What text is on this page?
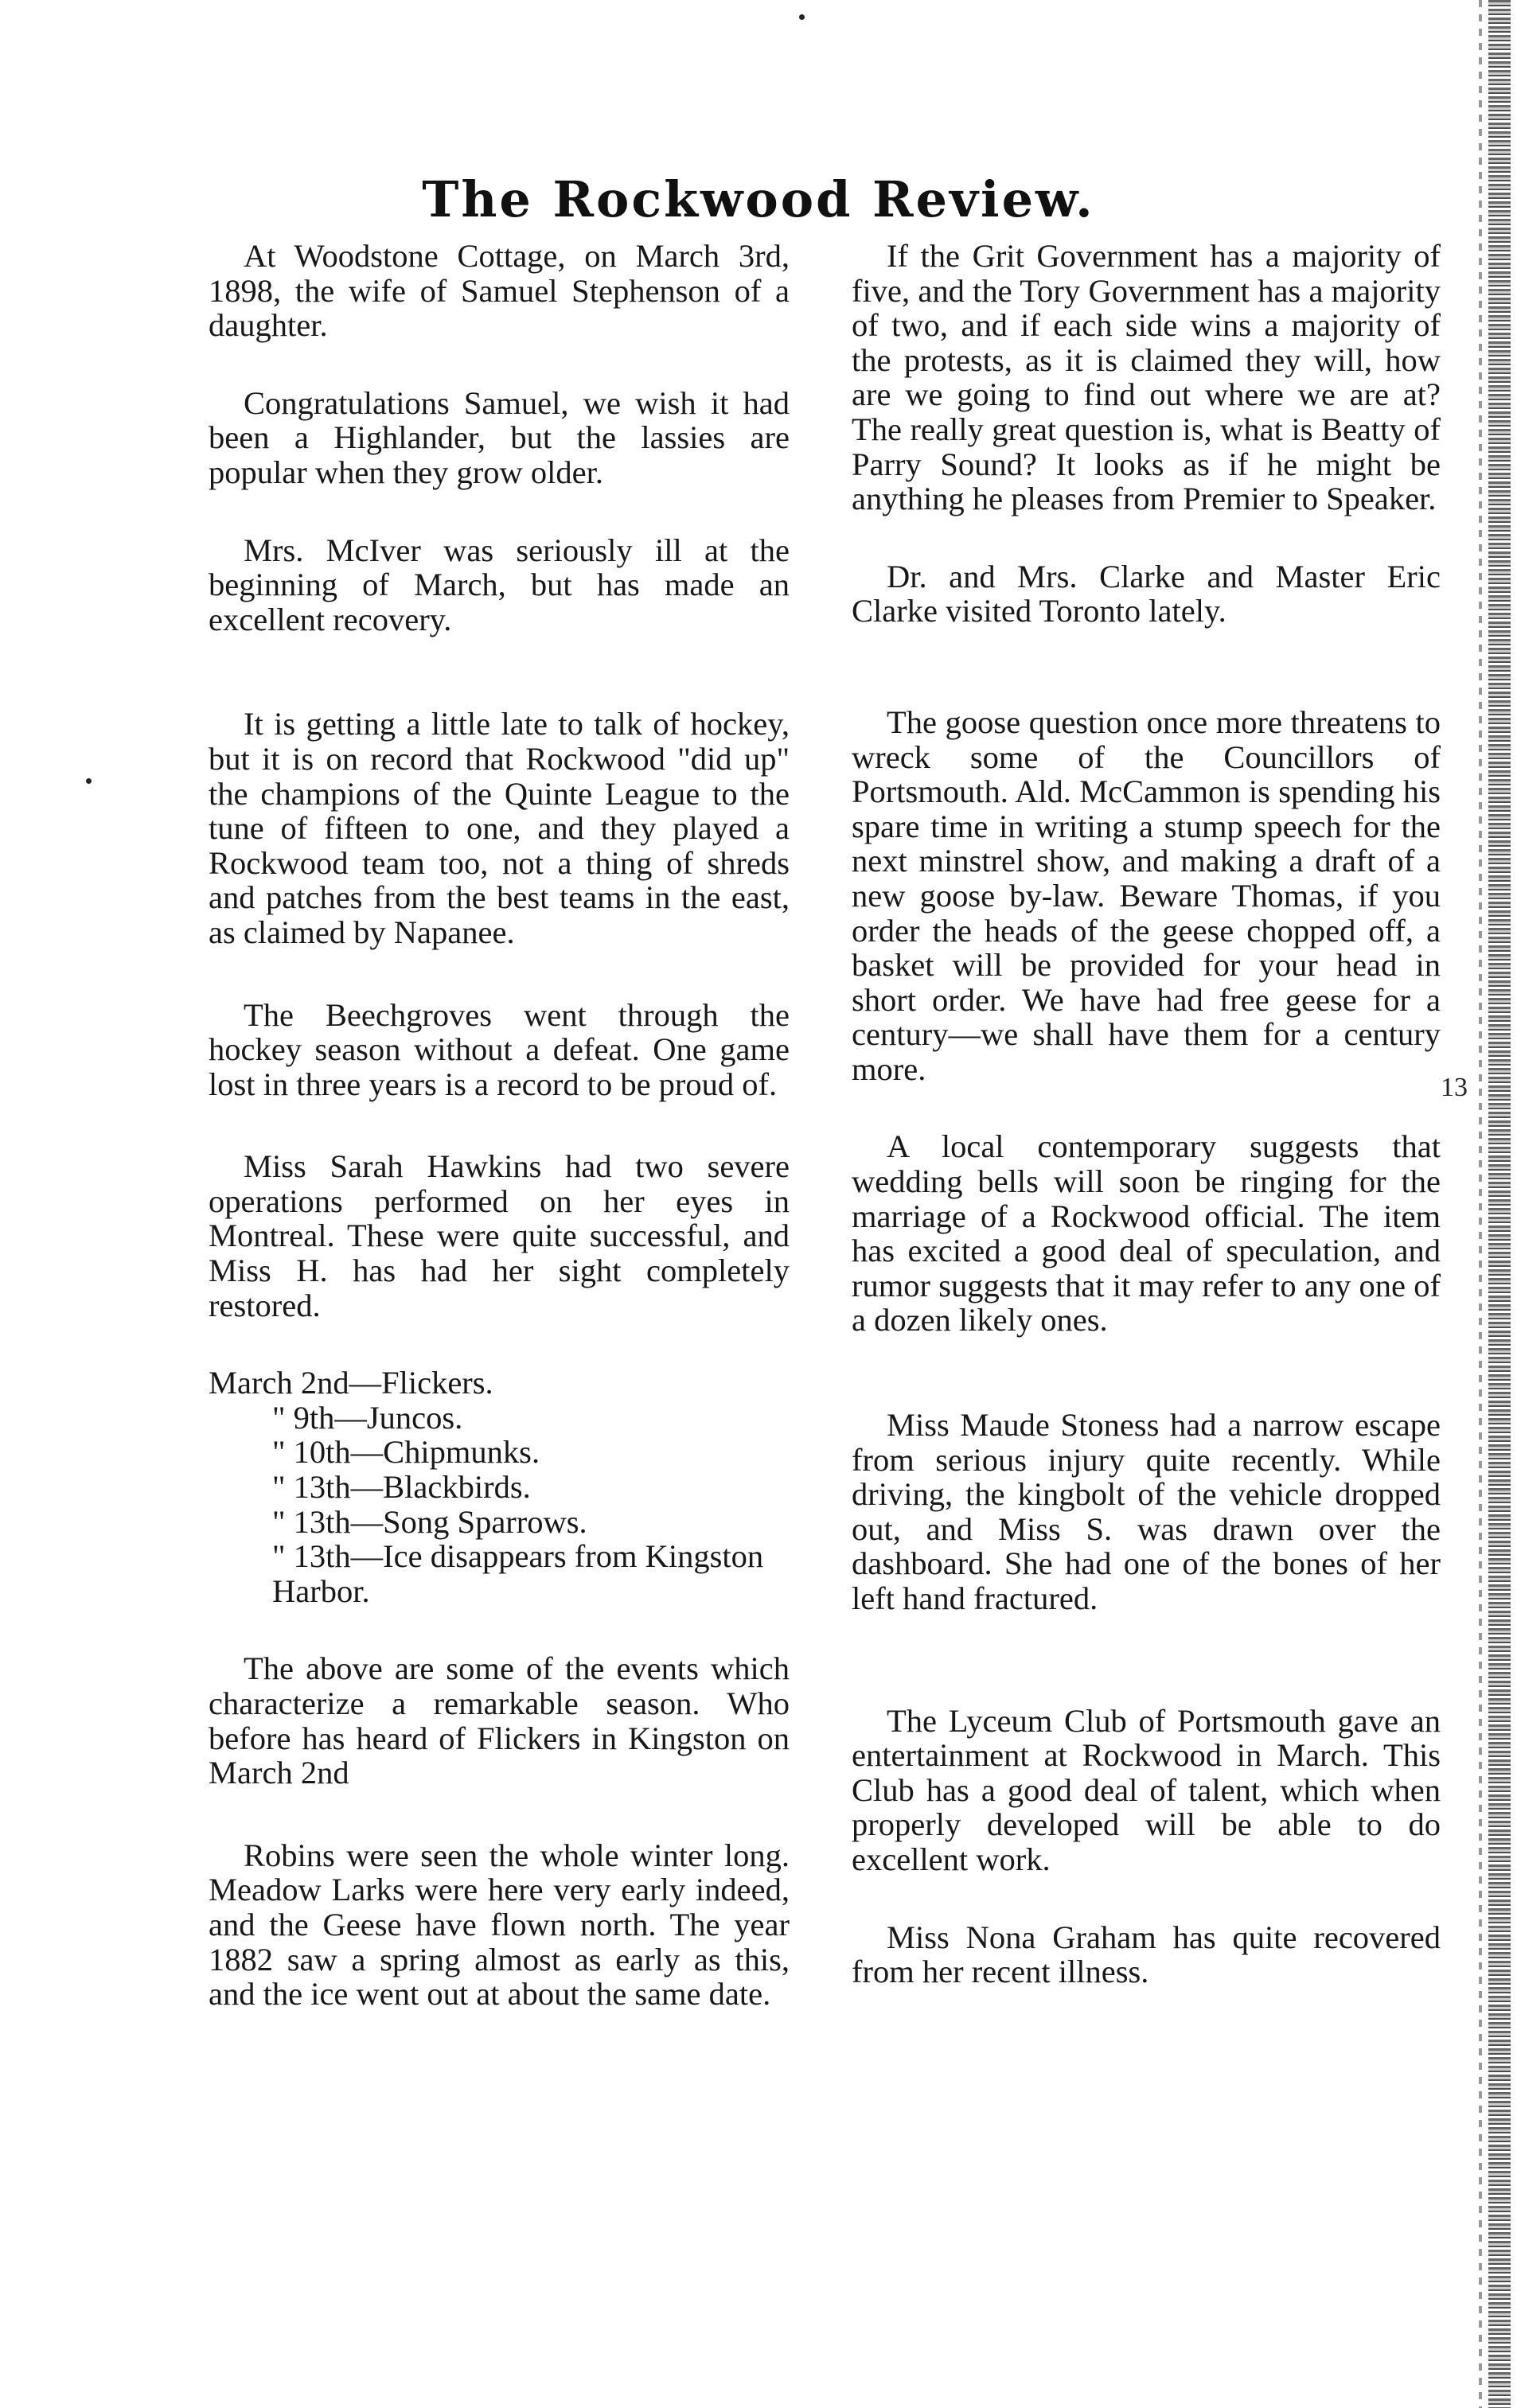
The Rockwood Review.

At Woodstone Cottage, on March 3rd, 1898, the wife of Samuel Stephenson of a daughter.

Congratulations Samuel, we wish it had been a Highlander, but the lassies are popular when they grow older.

Mrs. McIver was seriously ill at the beginning of March, but has made an excellent recovery.

It is getting a little late to talk of hockey, but it is on record that Rockwood "did up" the champions of the Quinte League to the tune of fifteen to one, and they played a Rockwood team too, not a thing of shreds and patches from the best teams in the east, as claimed by Napanee.

The Beechgroves went through the hockey season without a defeat. One game lost in three years is a record to be proud of.

Miss Sarah Hawkins had two severe operations performed on her eyes in Montreal. These were quite successful, and Miss H. has had her sight completely restored.

March 2nd—Flickers.
" 9th—Juncos.
" 10th—Chipmunks.
" 13th—Blackbirds.
" 13th—Song Sparrows.
" 13th—Ice disappears from Kingston Harbor.

The above are some of the events which characterize a remarkable season. Who before has heard of Flickers in Kingston on March 2nd

Robins were seen the whole winter long. Meadow Larks were here very early indeed, and the Geese have flown north. The year 1882 saw a spring almost as early as this, and the ice went out at about the same date.

If the Grit Government has a majority of five, and the Tory Government has a majority of two, and if each side wins a majority of the protests, as it is claimed they will, how are we going to find out where we are at? The really great question is, what is Beatty of Parry Sound? It looks as if he might be anything he pleases from Premier to Speaker.

Dr. and Mrs. Clarke and Master Eric Clarke visited Toronto lately.

The goose question once more threatens to wreck some of the Councillors of Portsmouth. Ald. McCammon is spending his spare time in writing a stump speech for the next minstrel show, and making a draft of a new goose by-law. Beware Thomas, if you order the heads of the geese chopped off, a basket will be provided for your head in short order. We have had free geese for a century—we shall have them for a century more.

A local contemporary suggests that wedding bells will soon be ringing for the marriage of a Rockwood official. The item has excited a good deal of speculation, and rumor suggests that it may refer to any one of a dozen likely ones.

Miss Maude Stoness had a narrow escape from serious injury quite recently. While driving, the kingbolt of the vehicle dropped out, and Miss S. was drawn over the dashboard. She had one of the bones of her left hand fractured.

The Lyceum Club of Portsmouth gave an entertainment at Rockwood in March. This Club has a good deal of talent, which when properly developed will be able to do excellent work.

Miss Nona Graham has quite recovered from her recent illness.

13
